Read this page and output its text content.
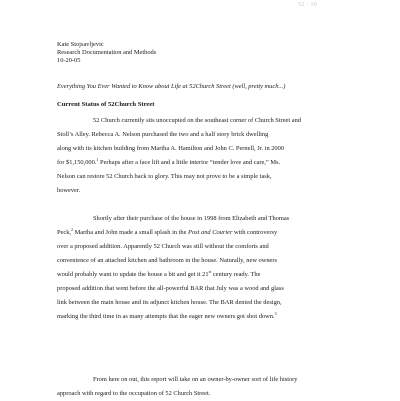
52 - 16
Kate Stojsavljevic
Research Documentation and Methods
10-20-05
Everything You Ever Wanted to Know about Life at 52Church Street (well, pretty much...)
Current Status of 52Church Street
52 Church currently sits unoccupied on the southeast corner of Church Street and
Stoll’s Alley. Rebecca A. Nelson purchased the two and a half story brick dwelling
along with its kitchen building from Martha A. Hamilton and John C. Pernell, Jr. in 2000
for $1,150,000.$^1$ Perhaps after a face lift and a little interior “tender love and care,” Ms.
Nelson can restore 52 Church back to glory. This may not prove to be a simple task,
however.
Shortly after their purchase of the house in 1998 from Elizabeth and Thomas
Peck,$^2$ Martha and John made a small splash in the Post and Courier with controversy
over a proposed addition. Apparently 52 Church was still without the comforts and
convenience of an attached kitchen and bathroom in the house. Naturally, new owners
would probably want to update the house a bit and get it 21st century ready. The
proposed addition that went before the all-powerful BAR that July was a wood and glass
link between the main house and its adjunct kitchen house. The BAR denied the design,
marking the third time in as many attempts that the eager new owners got shot down.$^3$
From here on out, this report will take on an owner-by-owner sort of life history
approach with regard to the occupation of 52 Church Street.
